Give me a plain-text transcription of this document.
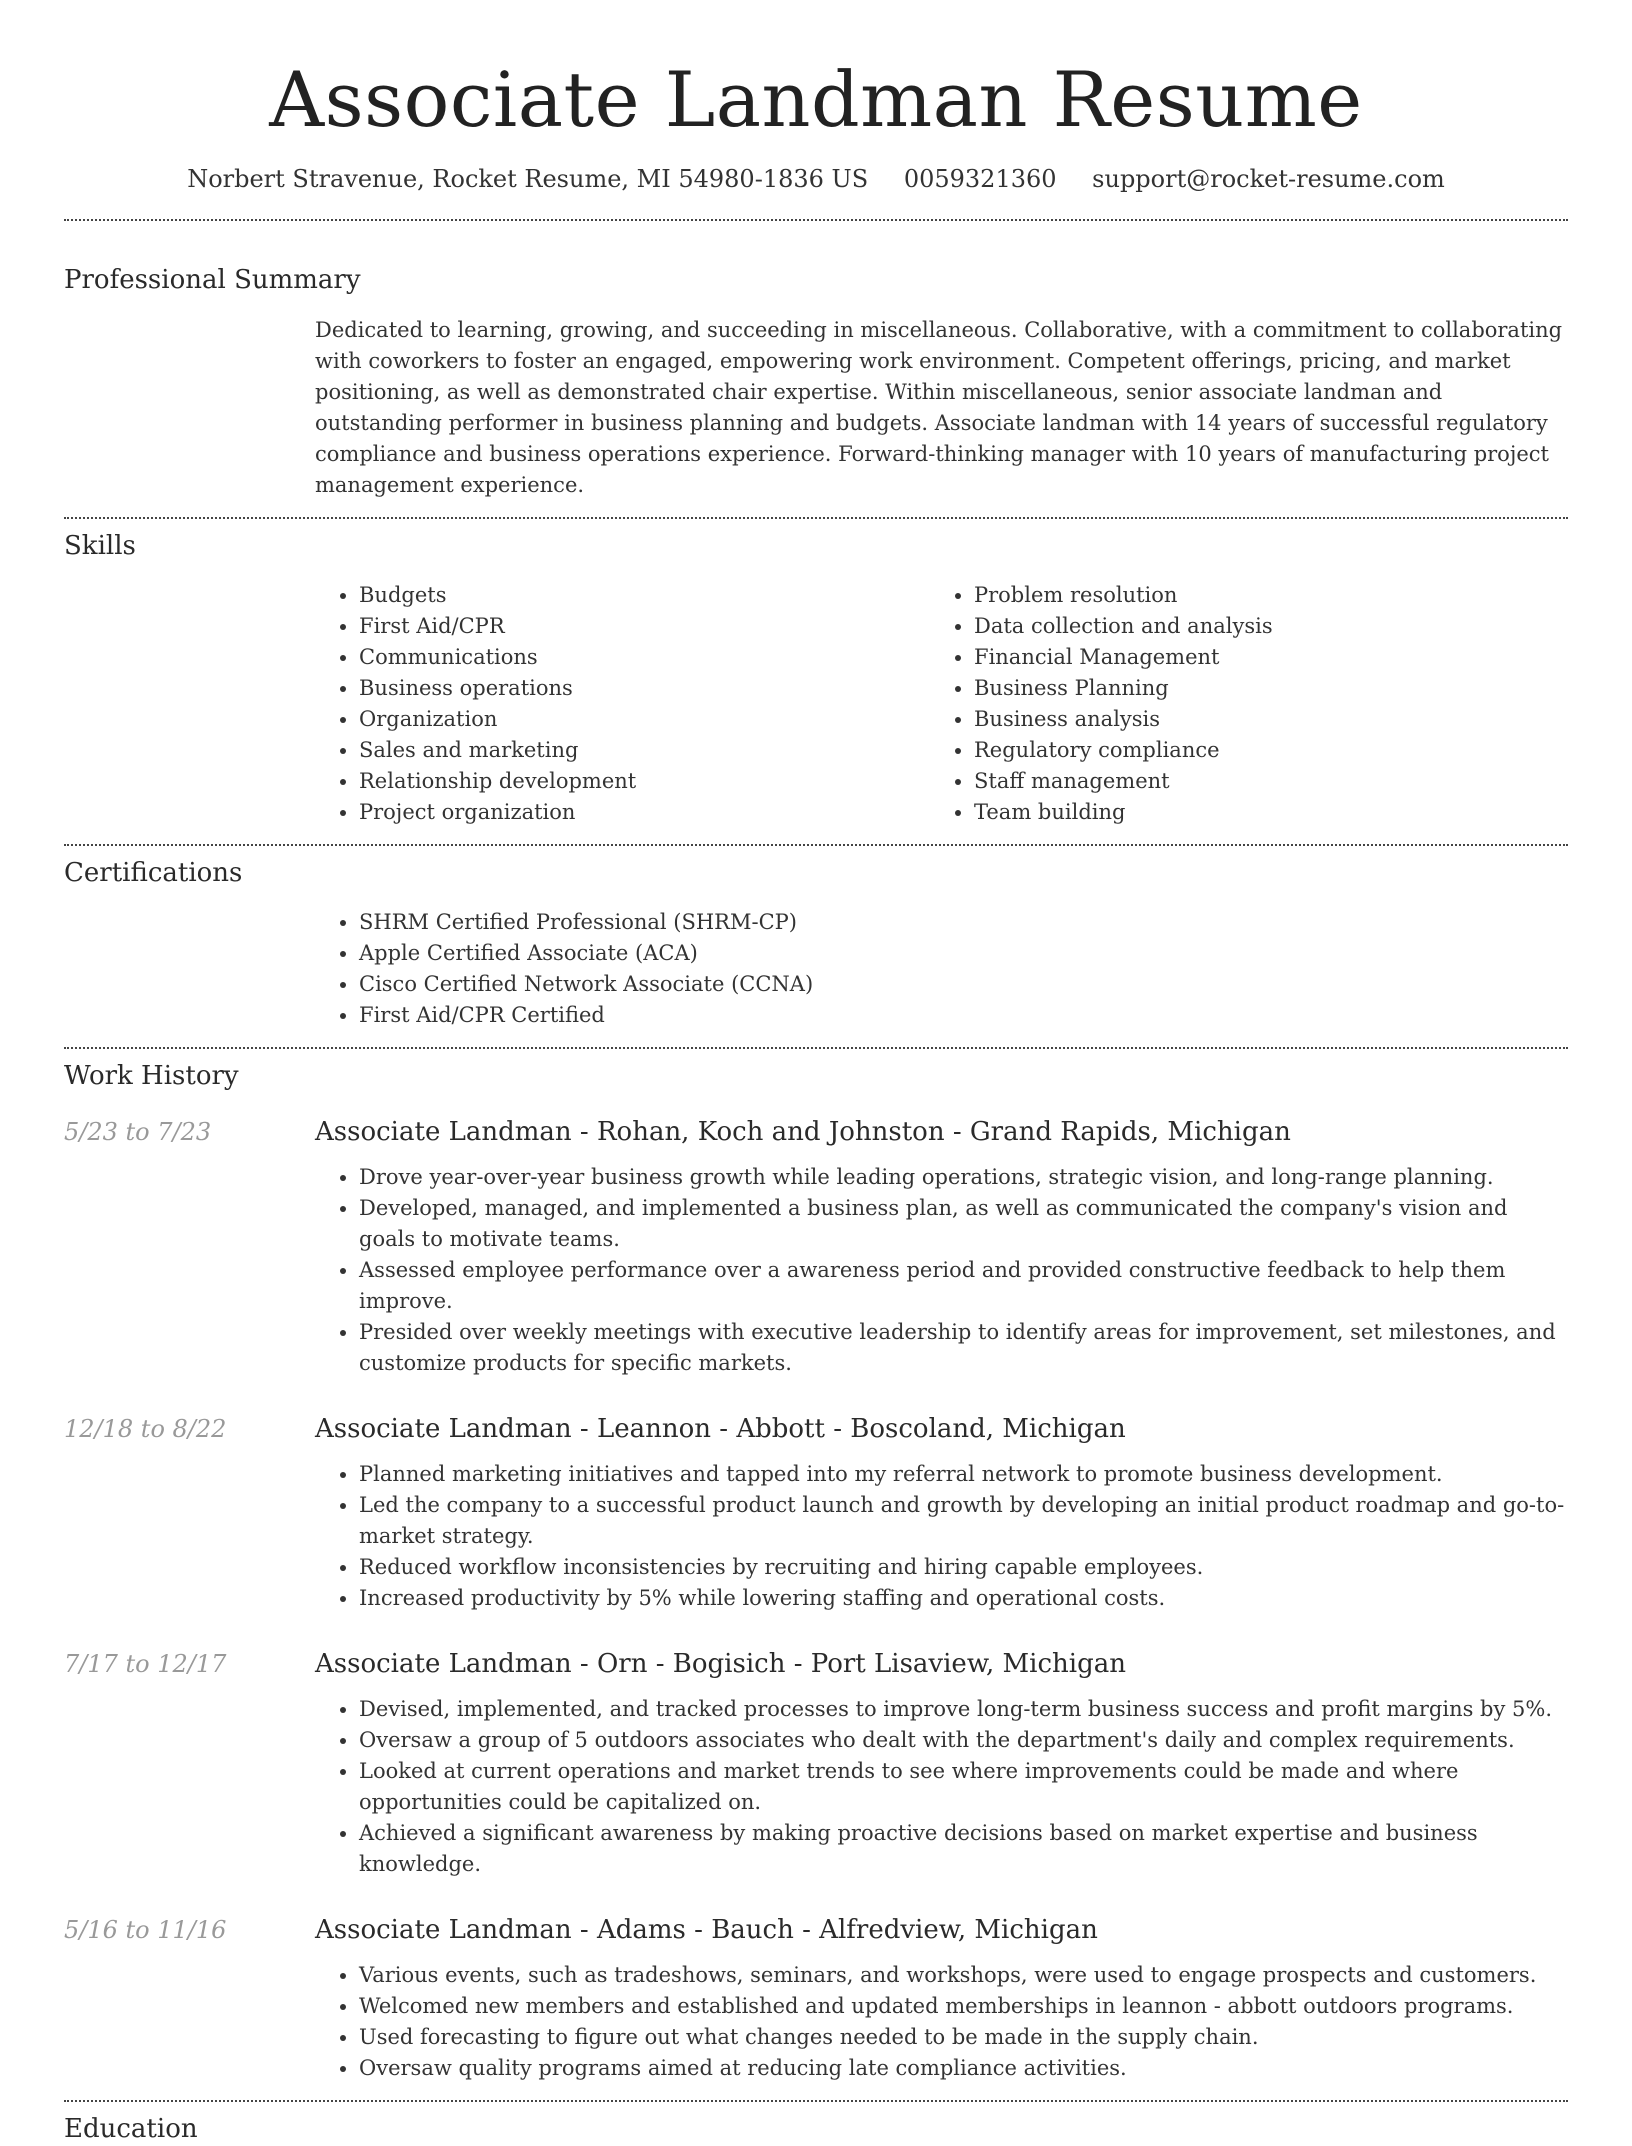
Associate Landman Resume
Norbert Stravenue, Rocket Resume, MI 54980-1836 US 0059321360 support@rocket-resume.com
Professional Summary
Dedicated to learning, growing, and succeeding in miscellaneous. Collaborative, with a commitment to collaborating with coworkers to foster an engaged, empowering work environment. Competent offerings, pricing, and market positioning, as well as demonstrated chair expertise. Within miscellaneous, senior associate landman and outstanding performer in business planning and budgets. Associate landman with 14 years of successful regulatory compliance and business operations experience. Forward-thinking manager with 10 years of manufacturing project management experience.
Skills
• Budgets
• First Aid/CPR
• Communications
• Business operations
• Organization
• Sales and marketing
• Relationship development
• Project organization
• Problem resolution
• Data collection and analysis
• Financial Management
• Business Planning
• Business analysis
• Regulatory compliance
• Staff management
• Team building
Certifications
• SHRM Certified Professional (SHRM-CP)
• Apple Certified Associate (ACA)
• Cisco Certified Network Associate (CCNA)
• First Aid/CPR Certified
Work History
5/23 to 7/23	Associate Landman - Rohan, Koch and Johnston - Grand Rapids, Michigan
• Drove year-over-year business growth while leading operations, strategic vision, and long-range planning.
• Developed, managed, and implemented a business plan, as well as communicated the company's vision and goals to motivate teams.
• Assessed employee performance over a awareness period and provided constructive feedback to help them improve.
• Presided over weekly meetings with executive leadership to identify areas for improvement, set milestones, and customize products for specific markets.
12/18 to 8/22	Associate Landman - Leannon - Abbott - Boscoland, Michigan
• Planned marketing initiatives and tapped into my referral network to promote business development.
• Led the company to a successful product launch and growth by developing an initial product roadmap and go-to-market strategy.
• Reduced workflow inconsistencies by recruiting and hiring capable employees.
• Increased productivity by 5% while lowering staffing and operational costs.
7/17 to 12/17	Associate Landman - Orn - Bogisich - Port Lisaview, Michigan
• Devised, implemented, and tracked processes to improve long-term business success and profit margins by 5%.
• Oversaw a group of 5 outdoors associates who dealt with the department's daily and complex requirements.
• Looked at current operations and market trends to see where improvements could be made and where opportunities could be capitalized on.
• Achieved a significant awareness by making proactive decisions based on market expertise and business knowledge.
5/16 to 11/16	Associate Landman - Adams - Bauch - Alfredview, Michigan
• Various events, such as tradeshows, seminars, and workshops, were used to engage prospects and customers.
• Welcomed new members and established and updated memberships in leannon - abbott outdoors programs.
• Used forecasting to figure out what changes needed to be made in the supply chain.
• Oversaw quality programs aimed at reducing late compliance activities.
Education
